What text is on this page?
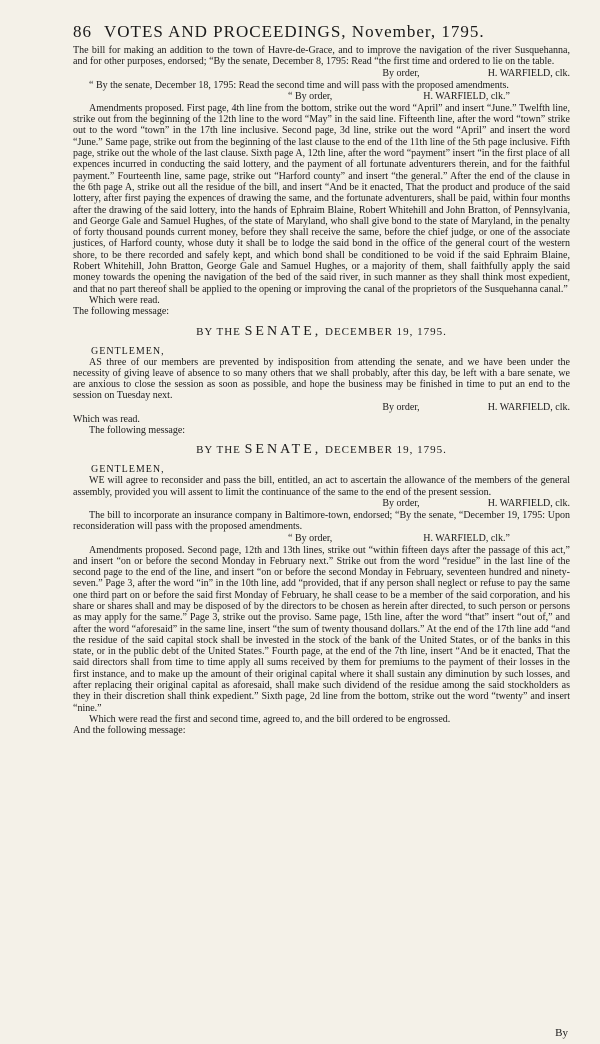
86 VOTES AND PROCEEDINGS, November, 1795.

The bill for making an addition to the town of Havre-de-Grace, and to improve the navigation of the river Susquehanna, and for other purposes, endorsed; “By the senate, December 8, 1795: Read “the first time and ordered to lie on the table.

By order,	H. WARFIELD, clk.

“ By the senate, December 18, 1795: Read the second time and will pass with the proposed amendments.

“ By order,	H. WARFIELD, clk.”

Amendments proposed. First page, 4th line from the bottom, strike out the word “April” and insert “June.” Twelfth line, strike out from the beginning of the 12th line to the word “May” in the said line. Fifteenth line, after the word “town” strike out to the word “town” in the 17th line inclusive. Second page, 3d line, strike out the word “April” and insert the word “June.” Same page, strike out from the beginning of the last clause to the end of the 11th line of the 5th page inclusive. Fifth page, strike out the whole of the last clause. Sixth page A, 12th line, after the word “payment” insert “in the first place of all expences incurred in conducting the said lottery, and the payment of all fortunate adventurers therein, and for the faithful payment.” Fourteenth line, same page, strike out “Harford county” and insert “the general.” After the end of the clause in the 6th page A, strike out all the residue of the bill, and insert “And be it enacted, That the product and produce of the said lottery, after first paying the expences of drawing the same, and the fortunate adventurers, shall be paid, within four months after the drawing of the said lottery, into the hands of Ephraim Blaine, Robert Whitehill and John Bratton, of Pennsylvania, and George Gale and Samuel Hughes, of the state of Maryland, who shall give bond to the state of Maryland, in the penalty of forty thousand pounds current money, before they shall receive the same, before the chief judge, or one of the associate justices, of Harford county, whose duty it shall be to lodge the said bond in the office of the general court of the western shore, to be there recorded and safely kept, and which bond shall be conditioned to be void if the said Ephraim Blaine, Robert Whitehill, John Bratton, George Gale and Samuel Hughes, or a majority of them, shall faithfully apply the said money towards the opening the navigation of the bed of the said river, in such manner as they shall think most expedient, and that no part thereof shall be applied to the opening or improving the canal of the proprietors of the Susquehanna canal.”

Which were read.

The following message:

BY THE SENATE, DECEMBER 19, 1795.
GENTLEMEN,

AS three of our members are prevented by indisposition from attending the senate, and we have been under the necessity of giving leave of absence to so many others that we shall probably, after this day, be left with a bare senate, we are anxious to close the session as soon as possible, and hope the business may be finished in time to put an end to the session on Tuesday next.

By order,	H. WARFIELD, clk.

Which was read.

The following message:

BY THE SENATE, DECEMBER 19, 1795.
GENTLEMEN,

WE will agree to reconsider and pass the bill, entitled, an act to ascertain the allowance of the members of the general assembly, provided you will assent to limit the continuance of the same to the end of the present session.

By order,	H. WARFIELD, clk.

The bill to incorporate an insurance company in Baltimore-town, endorsed; “By the senate, “December 19, 1795: Upon reconsideration will pass with the proposed amendments.

“ By order,	H. WARFIELD, clk.”

Amendments proposed. Second page, 12th and 13th lines, strike out “within fifteen days after the passage of this act,” and insert “on or before the second Monday in February next.” Strike out from the word “residue” in the last line of the second page to the end of the line, and insert “on or before the second Monday in February, seventeen hundred and ninety-seven.” Page 3, after the word “in” in the 10th line, add “provided, that if any person shall neglect or refuse to pay the same one third part on or before the said first Monday of February, he shall cease to be a member of the said corporation, and his share or shares shall and may be disposed of by the directors to be chosen as herein after directed, to such person or persons as may apply for the same.” Page 3, strike out the proviso. Same page, 15th line, after the word “that” insert “out of,” and after the word “aforesaid” in the same line, insert “the sum of twenty thousand dollars.” At the end of the 17th line add “and the residue of the said capital stock shall be invested in the stock of the bank of the United States, or of the banks in this state, or in the public debt of the United States.” Fourth page, at the end of the 7th line, insert “And be it enacted, That the said directors shall from time to time apply all sums received by them for premiums to the payment of their losses in the first instance, and to make up the amount of their original capital where it shall sustain any diminution by such losses, and after replacing their original capital as aforesaid, shall make such dividend of the residue among the said stockholders as they in their discretion shall think expedient.” Sixth page, 2d line from the bottom, strike out the word “twenty” and insert “nine.”

Which were read the first and second time, agreed to, and the bill ordered to be engrossed.

And the following message:

By
